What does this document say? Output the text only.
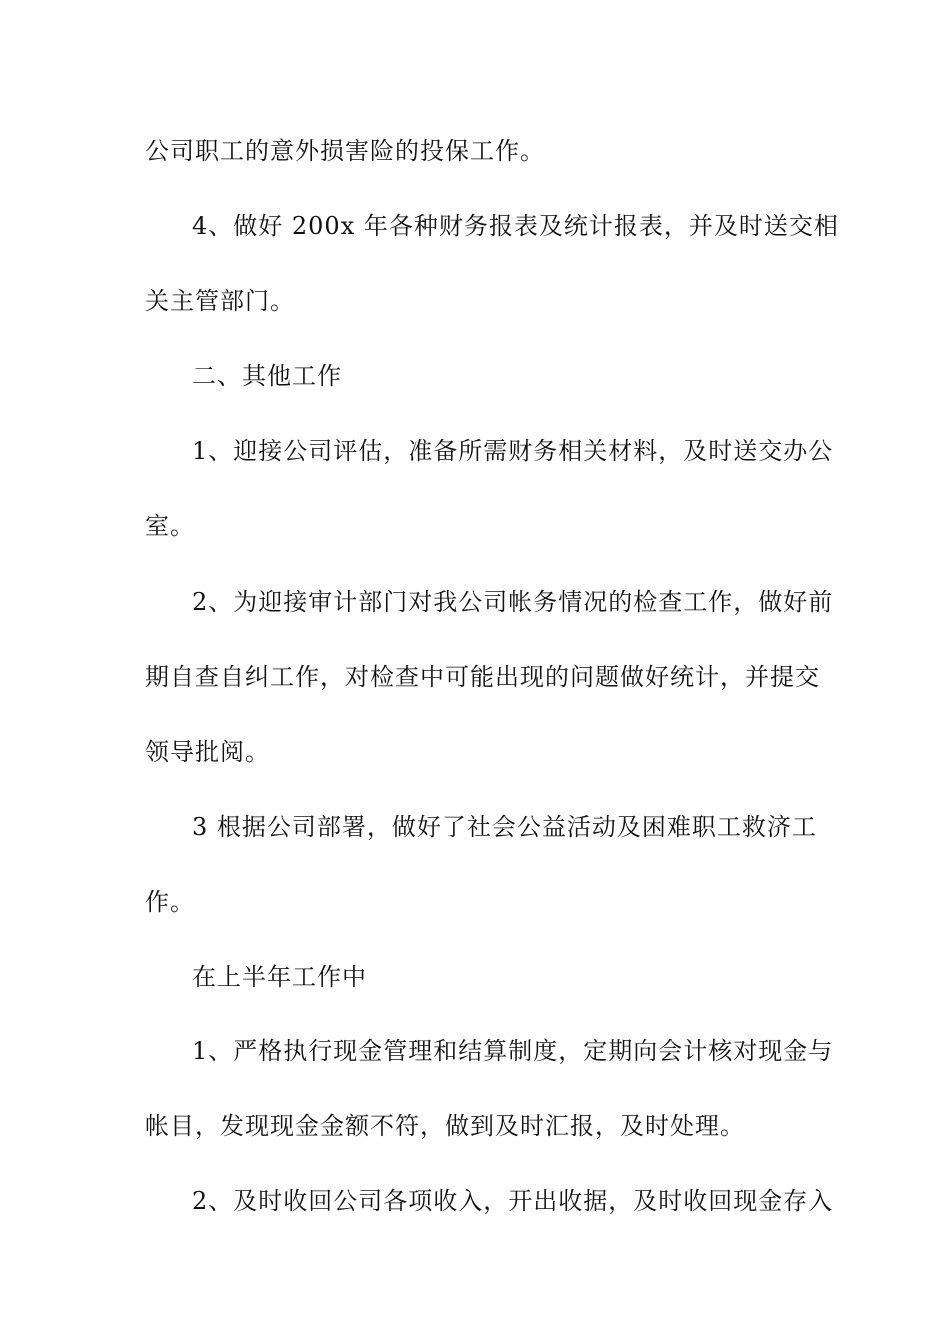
公司职工的意外损害险的投保工作。
4、做好 200x 年各种财务报表及统计报表，并及时送交相
关主管部门。
二、其他工作
1、迎接公司评估，准备所需财务相关材料，及时送交办公
室。
2、为迎接审计部门对我公司帐务情况的检查工作，做好前
期自查自纠工作，对检查中可能出现的问题做好统计，并提交
领导批阅。
3 根据公司部署，做好了社会公益活动及困难职工救济工
作。
在上半年工作中
1、严格执行现金管理和结算制度，定期向会计核对现金与
帐目，发现现金金额不符，做到及时汇报，及时处理。
2、及时收回公司各项收入，开出收据，及时收回现金存入
